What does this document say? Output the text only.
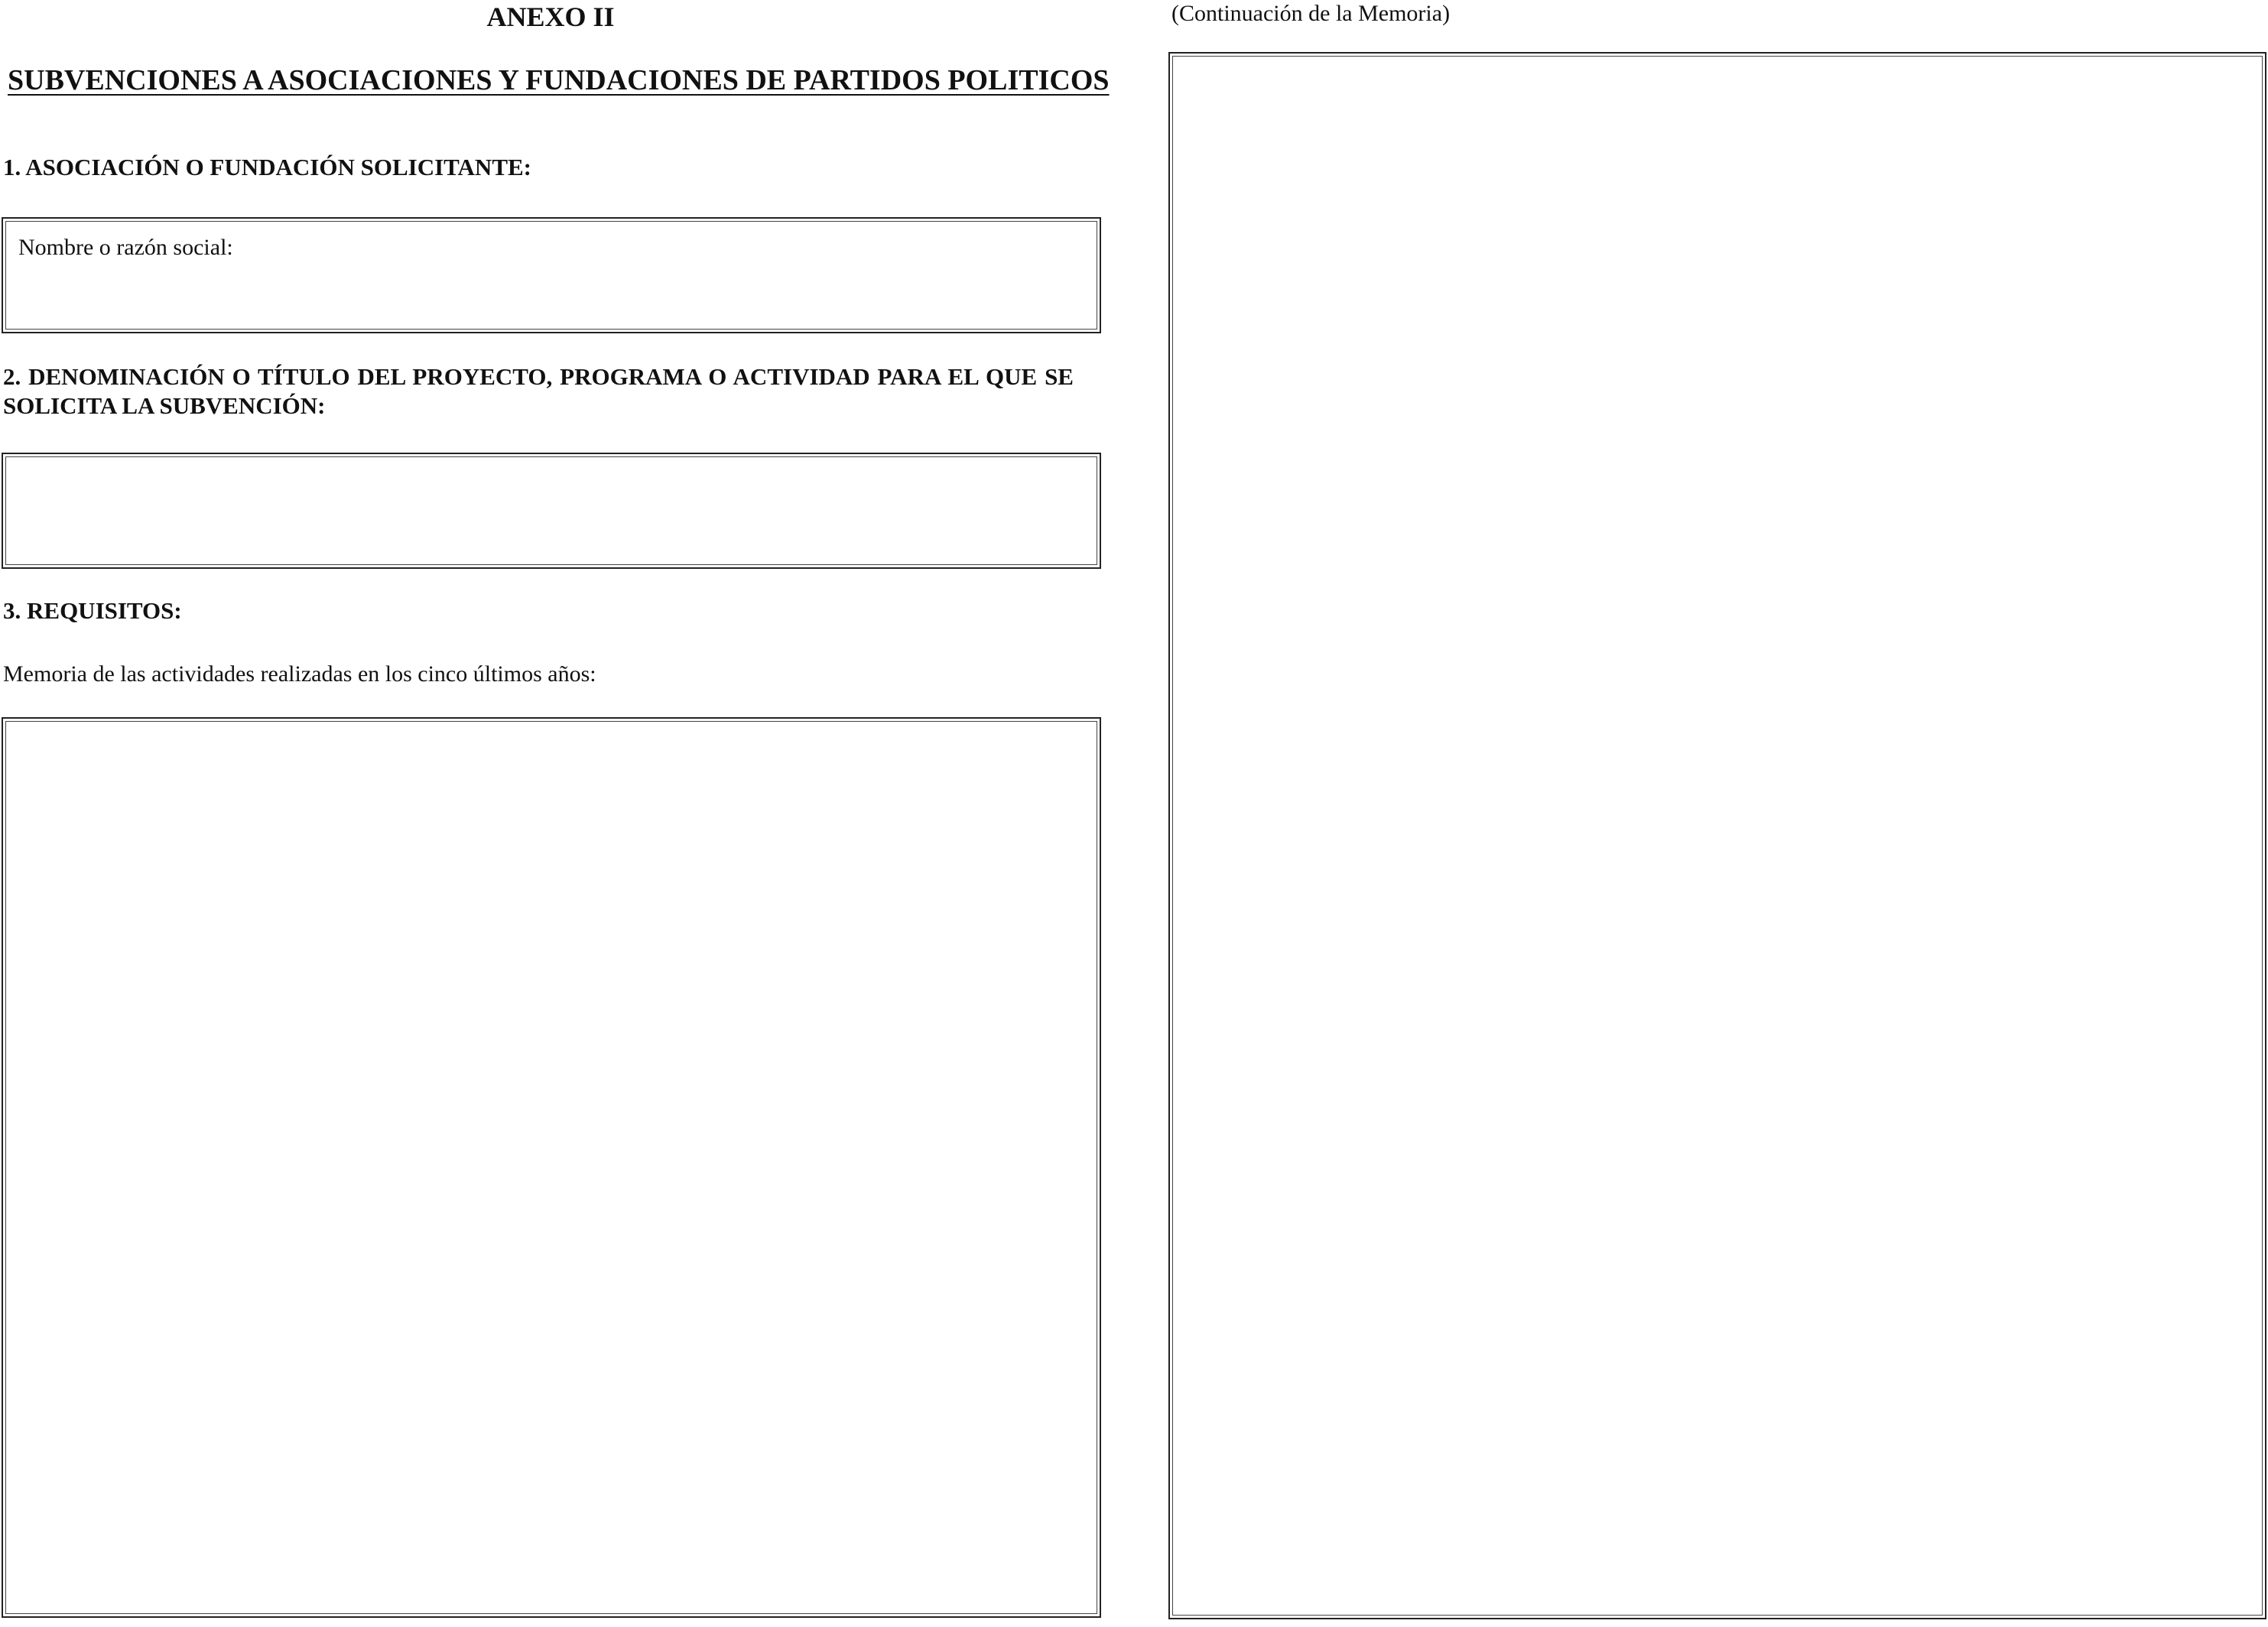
ANEXO II
SUBVENCIONES A ASOCIACIONES Y FUNDACIONES DE PARTIDOS POLITICOS
1. ASOCIACIÓN O FUNDACIÓN SOLICITANTE:
Nombre o razón social:
2. DENOMINACIÓN O TÍTULO DEL PROYECTO, PROGRAMA O ACTIVIDAD PARA EL QUE SE SOLICITA LA SUBVENCIÓN:
3. REQUISITOS:
Memoria de las actividades realizadas en los cinco últimos años:
(Continuación de la Memoria)
